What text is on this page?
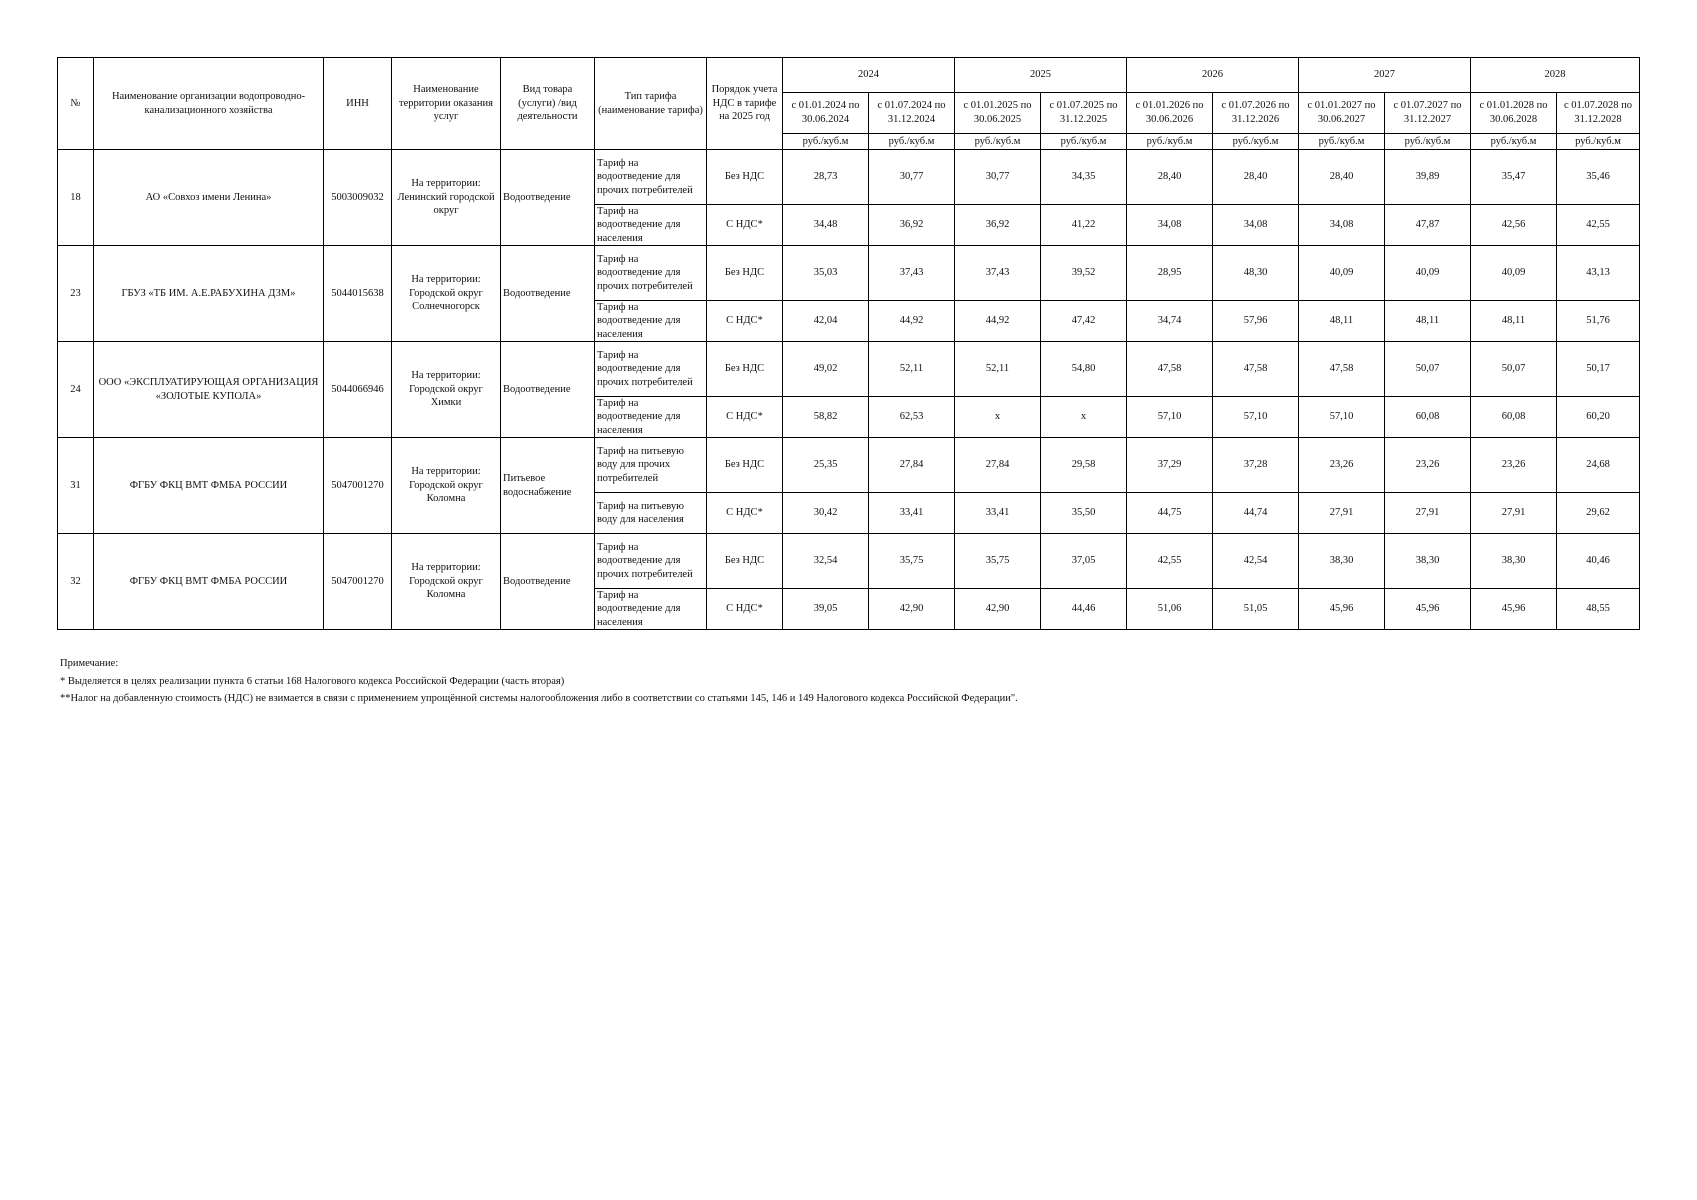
№	Наименование организации водопроводно-канализационного хозяйства	ИНН	Наименование территории оказания услуг	Вид товара (услуги) /вид деятельности	Тип тарифа (наименование тарифа)	Порядок учета НДС в тарифе на 2025 год	2024		2025		2026		2027		2028	
							с 01.01.2024 по 30.06.2024	с 01.07.2024 по 31.12.2024	с 01.01.2025 по 30.06.2025	с 01.07.2025 по 31.12.2025	с 01.01.2026 по 30.06.2026	с 01.07.2026 по 31.12.2026	с 01.01.2027 по 30.06.2027	с 01.07.2027 по 31.12.2027	с 01.01.2028 по 30.06.2028	с 01.07.2028 по 31.12.2028
							руб./куб.м	руб./куб.м	руб./куб.м	руб./куб.м	руб./куб.м	руб./куб.м	руб./куб.м	руб./куб.м	руб./куб.м	руб./куб.м
18	АО «Совхоз имени Ленина»	5003009032	На территории: Ленинский городской округ	Водоотведение	Тариф на водоотведение для прочих потребителей	Без НДС	28,73	30,77	30,77	34,35	28,40	28,40	28,40	39,89	35,47	35,46
					Тариф на водоотведение для населения	С НДС*	34,48	36,92	36,92	41,22	34,08	34,08	34,08	47,87	42,56	42,55
23	ГБУЗ «ТБ ИМ. А.Е.РАБУХИНА ДЗМ»	5044015638	На территории: Городской округ Солнечногорск	Водоотведение	Тариф на водоотведение для прочих потребителей	Без НДС	35,03	37,43	37,43	39,52	28,95	48,30	40,09	40,09	40,09	43,13
					Тариф на водоотведение для населения	С НДС*	42,04	44,92	44,92	47,42	34,74	57,96	48,11	48,11	48,11	51,76
24	ООО «ЭКСПЛУАТИРУЮЩАЯ ОРГАНИЗАЦИЯ «ЗОЛОТЫЕ КУПОЛА»	5044066946	На территории: Городской округ Химки	Водоотведение	Тариф на водоотведение для прочих потребителей	Без НДС	49,02	52,11	52,11	54,80	47,58	47,58	47,58	50,07	50,07	50,17
					Тариф на водоотведение для населения	С НДС*	58,82	62,53	x	x	57,10	57,10	57,10	60,08	60,08	60,20
31	ФГБУ ФКЦ ВМТ ФМБА РОССИИ	5047001270	На территории: Городской округ Коломна	Питьевое водоснабжение	Тариф на питьевую воду для прочих потребителей	Без НДС	25,35	27,84	27,84	29,58	37,29	37,28	23,26	23,26	23,26	24,68
					Тариф на питьевую воду для населения	С НДС*	30,42	33,41	33,41	35,50	44,75	44,74	27,91	27,91	27,91	29,62
32	ФГБУ ФКЦ ВМТ ФМБА РОССИИ	5047001270	На территории: Городской округ Коломна	Водоотведение	Тариф на водоотведение для прочих потребителей	Без НДС	32,54	35,75	35,75	37,05	42,55	42,54	38,30	38,30	38,30	40,46
					Тариф на водоотведение для населения	С НДС*	39,05	42,90	42,90	44,46	51,06	51,05	45,96	45,96	45,96	48,55
Примечание:
* Выделяется в целях реализации пункта 6 статьи 168 Налогового кодекса Российской Федерации (часть вторая)
**Налог на добавленную стоимость (НДС) не взимается в связи с применением упрощённой системы налогообложения либо в соответствии со статьями 145, 146 и 149 Налогового кодекса Российской Федерации".
